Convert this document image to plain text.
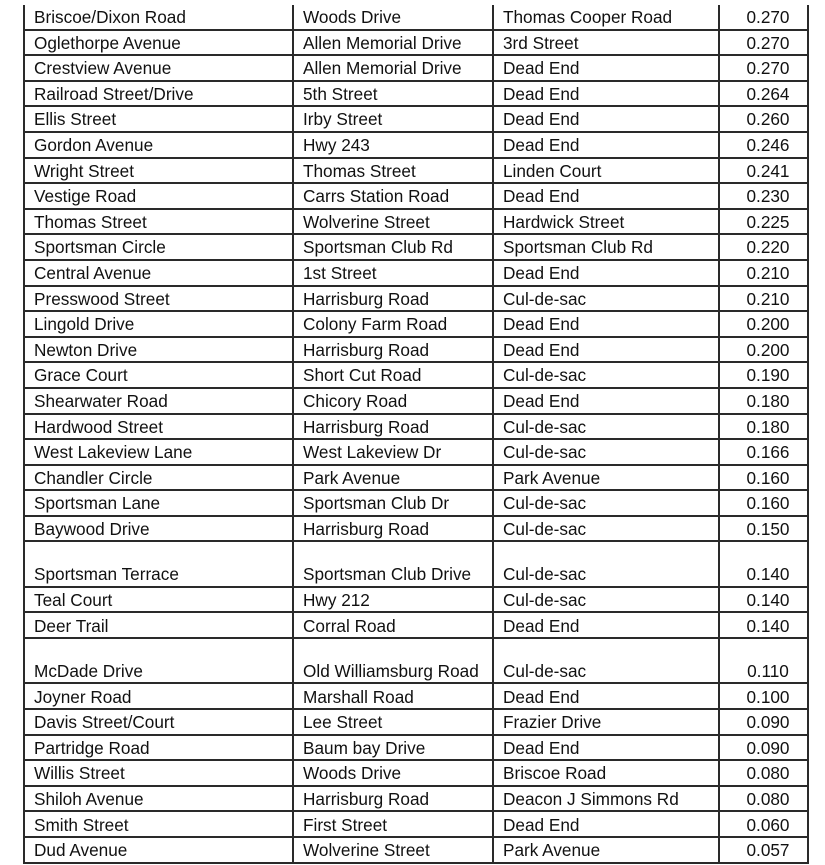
Briscoe/Dixon Road	Woods Drive	Thomas Cooper Road	0.270
Oglethorpe Avenue	Allen Memorial Drive	3rd Street	0.270
Crestview Avenue	Allen Memorial Drive	Dead End	0.270
Railroad Street/Drive	5th Street	Dead End	0.264
Ellis Street	Irby Street	Dead End	0.260
Gordon Avenue	Hwy 243	Dead End	0.246
Wright Street	Thomas Street	Linden Court	0.241
Vestige Road	Carrs Station Road	Dead End	0.230
Thomas Street	Wolverine Street	Hardwick Street	0.225
Sportsman Circle	Sportsman Club Rd	Sportsman Club Rd	0.220
Central Avenue	1st Street	Dead End	0.210
Presswood Street	Harrisburg Road	Cul-de-sac	0.210
Lingold Drive	Colony Farm Road	Dead End	0.200
Newton Drive	Harrisburg Road	Dead End	0.200
Grace Court	Short Cut Road	Cul-de-sac	0.190
Shearwater Road	Chicory Road	Dead End	0.180
Hardwood Street	Harrisburg Road	Cul-de-sac	0.180
West Lakeview Lane	West Lakeview Dr	Cul-de-sac	0.166
Chandler Circle	Park Avenue	Park Avenue	0.160
Sportsman Lane	Sportsman Club Dr	Cul-de-sac	0.160
Baywood Drive	Harrisburg Road	Cul-de-sac	0.150
Sportsman Terrace	Sportsman Club Drive	Cul-de-sac	0.140
Teal Court	Hwy 212	Cul-de-sac	0.140
Deer Trail	Corral Road	Dead End	0.140
McDade Drive	Old Williamsburg Road	Cul-de-sac	0.110
Joyner Road	Marshall Road	Dead End	0.100
Davis Street/Court	Lee Street	Frazier Drive	0.090
Partridge Road	Baum bay Drive	Dead End	0.090
Willis Street	Woods Drive	Briscoe Road	0.080
Shiloh Avenue	Harrisburg Road	Deacon J Simmons Rd	0.080
Smith Street	First Street	Dead End	0.060
Dud Avenue	Wolverine Street	Park Avenue	0.057
